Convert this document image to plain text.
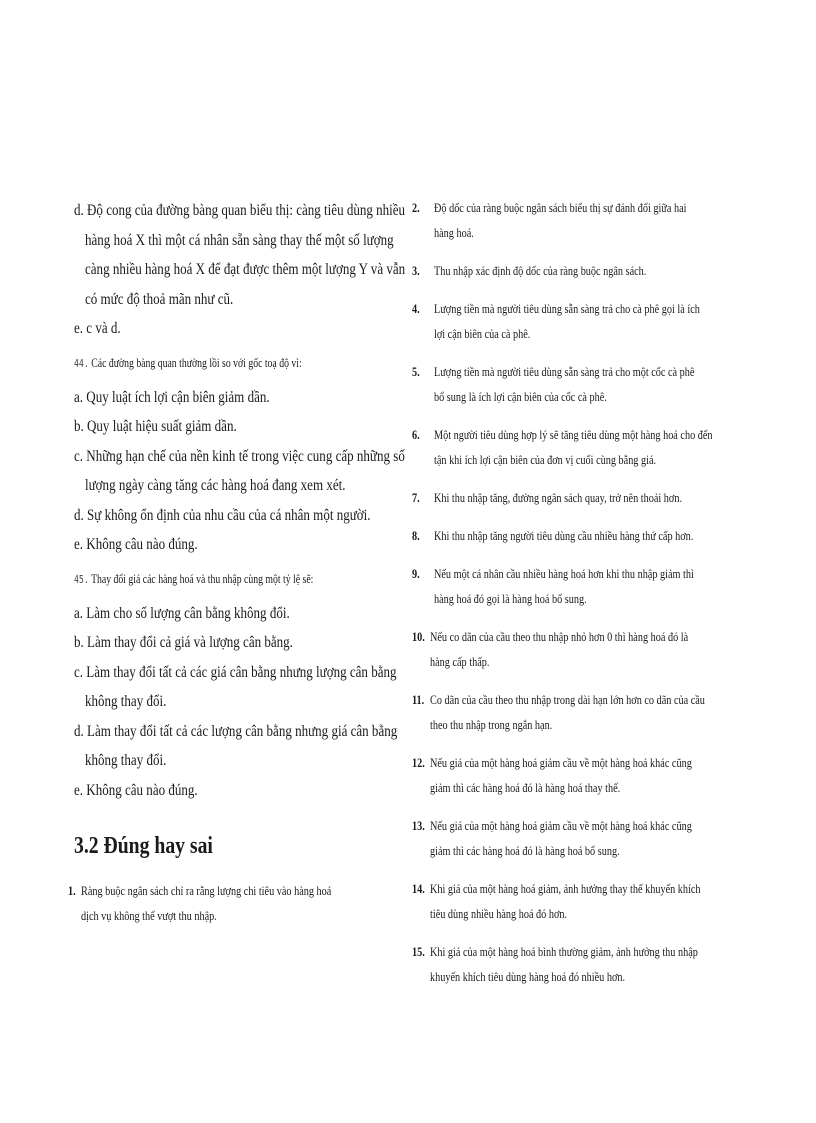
d. Độ cong của đường bàng quan biểu thị: càng tiêu dùng nhiều

hàng hoá X thì một cá nhân sẵn sàng thay thế một số lượng

càng nhiều hàng hoá X để đạt được thêm một lượng Y và vẫn

có mức độ thoả mãn như cũ.

e. c và d.

44. Các đường bàng quan thường lồi so với gốc toạ độ vì:

a. Quy luật ích lợi cận biên giảm dần.

b. Quy luật hiệu suất giảm dần.

c. Những hạn chế của nền kinh tế trong việc cung cấp những số

lượng ngày càng tăng các hàng hoá đang xem xét.

d. Sự không ổn định của nhu cầu của cá nhân một người.

e. Không câu nào đúng.

45. Thay đổi giá các hàng hoá và thu nhập cùng một tỷ lệ sẽ:

a. Làm cho số lượng cân bằng không đổi.

b. Làm thay đổi cả giá và lượng cân bằng.

c. Làm thay đổi tất cả các giá cân bằng nhưng lượng cân bằng

không thay đổi.

d. Làm thay đổi tất cả các lượng cân bằng nhưng giá cân bằng

không thay đổi.

e. Không câu nào đúng.

3.2 Đúng hay sai
1. Ràng buộc ngân sách chỉ ra rằng lượng chi tiêu vào hàng hoá

dịch vụ không thể vượt thu nhập.

2. Độ dốc của ràng buộc ngân sách biểu thị sự đánh đổi giữa hai

hàng hoá.

3. Thu nhập xác định độ dốc của ràng buộc ngân sách.

4. Lượng tiền mà người tiêu dùng sẵn sàng trả cho cà phê gọi là ích

lợi cận biên của cà phê.

5. Lượng tiền mà người tiêu dùng sẵn sàng trả cho một cốc cà phê

bổ sung là ích lợi cận biên của cốc cà phê.

6. Một người tiêu dùng hợp lý sẽ tăng tiêu dùng một hàng hoá cho đến

tận khi ích lợi cận biên của đơn vị cuối cùng bằng giá.

7. Khi thu nhập tăng, đường ngân sách quay, trở nên thoải hơn.

8. Khi thu nhập tăng người tiêu dùng cầu nhiều hàng thứ cấp hơn.

9. Nếu một cá nhân cầu nhiều hàng hoá hơn khi thu nhập giảm thì

hàng hoá đó gọi là hàng hoá bổ sung.

10. Nếu co dãn của cầu theo thu nhập nhỏ hơn 0 thì hàng hoá đó là

hàng cấp thấp.

11. Co dãn của cầu theo thu nhập trong dài hạn lớn hơn co dãn của cầu

theo thu nhập trong ngắn hạn.

12. Nếu giá của một hàng hoá giảm cầu về một hàng hoá khác cũng

giảm thì các hàng hoá đó là hàng hoá thay thế.

13. Nếu giá của một hàng hoá giảm cầu về một hàng hoá khác cũng

giảm thì các hàng hoá đó là hàng hoá bổ sung.

14. Khi giá của một hàng hoá giảm, ảnh hưởng thay thế khuyến khích

tiêu dùng nhiều hàng hoá đó hơn.

15. Khi giá của một hàng hoá bình thường giảm, ảnh hưởng thu nhập

khuyến khích tiêu dùng hàng hoá đó nhiều hơn.
